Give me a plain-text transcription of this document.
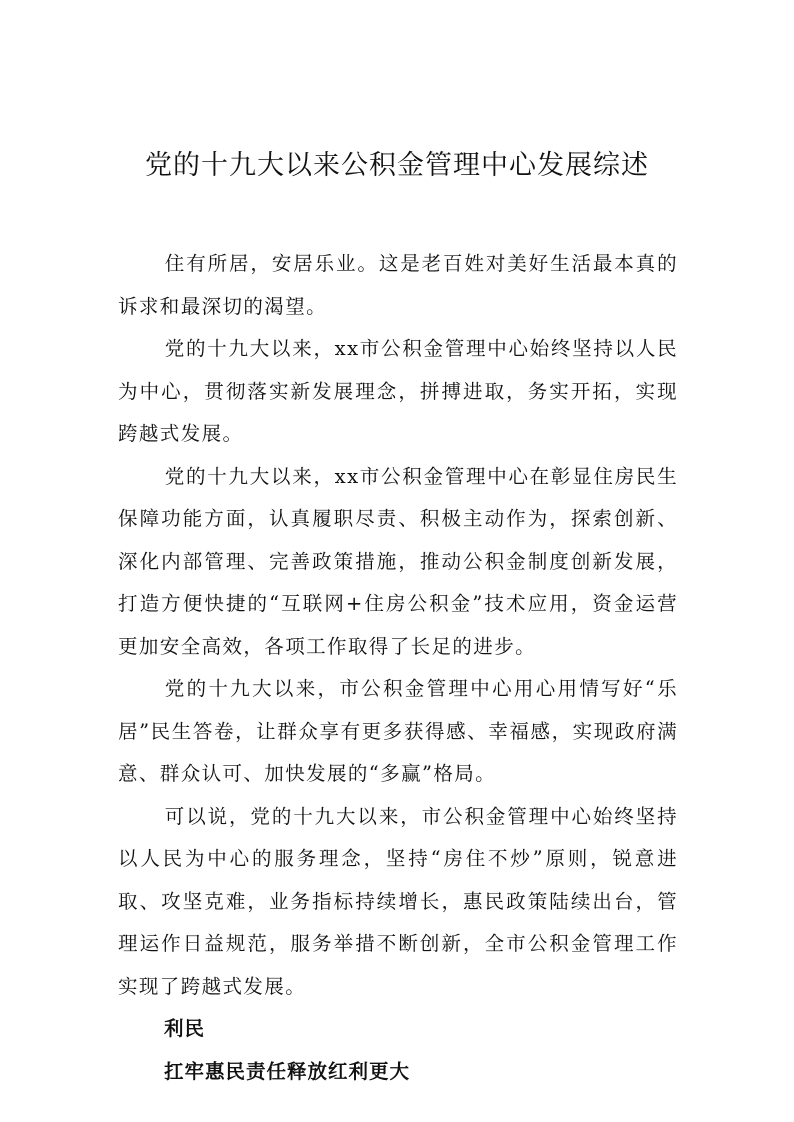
党的十九大以来公积金管理中心发展综述

住有所居，安居乐业。这是老百姓对美好生活最本真的诉求和最深切的渴望。

党的十九大以来，xx市公积金管理中心始终坚持以人民为中心，贯彻落实新发展理念，拼搏进取，务实开拓，实现跨越式发展。

党的十九大以来，xx市公积金管理中心在彰显住房民生保障功能方面，认真履职尽责、积极主动作为，探索创新、深化内部管理、完善政策措施，推动公积金制度创新发展，打造方便快捷的“互联网+住房公积金”技术应用，资金运营更加安全高效，各项工作取得了长足的进步。

党的十九大以来，市公积金管理中心用心用情写好“乐居”民生答卷，让群众享有更多获得感、幸福感，实现政府满意、群众认可、加快发展的“多赢”格局。

可以说，党的十九大以来，市公积金管理中心始终坚持以人民为中心的服务理念，坚持“房住不炒”原则，锐意进取、攻坚克难，业务指标持续增长，惠民政策陆续出台，管理运作日益规范，服务举措不断创新，全市公积金管理工作实现了跨越式发展。

利民

扛牢惠民责任释放红利更大
